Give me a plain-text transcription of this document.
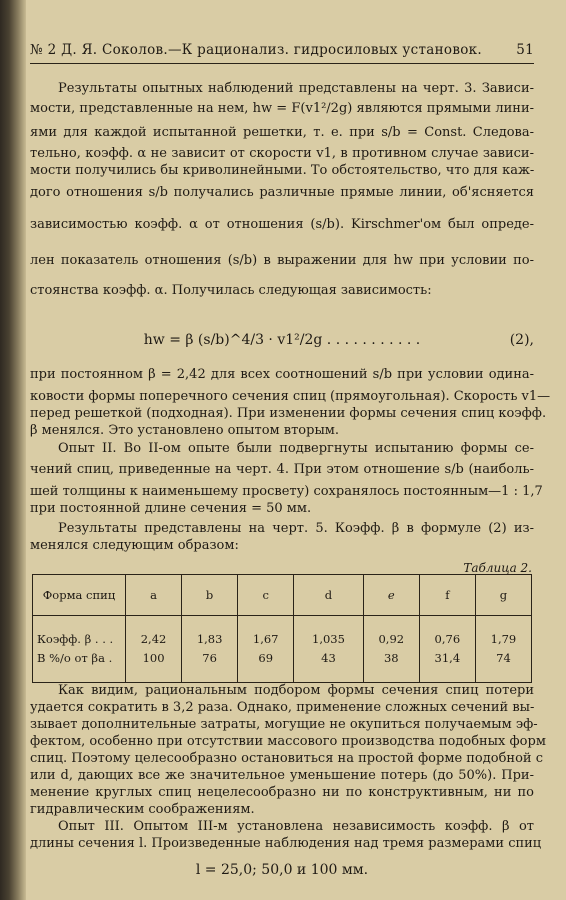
№ 2 Д. Я. Соколов.—К рационализ. гидросиловых установок.	51
Результаты опытных наблюдений представлены на черт. 3. Зависи-
мости, представленные на нем, hw = F(v1²/2g) являются прямыми лини-
ями для каждой испытанной решетки, т. е. при s/b = Const. Следова-
тельно, коэфф. α не зависит от скорости v1, в противном случае зависи-
мости получились бы криволинейными. То обстоятельство, что для каж-
дого отношения s/b получались различные прямые линии, об'ясняется
зависимостью коэфф. α от отношения (s/b). Kirschmer'ом был опреде-
лен показатель отношения (s/b) в выражении для hw при условии по-
стоянства коэфф. α. Получилась следующая зависимость:
hw = β (s/b)^4/3 · v1²/2g . . . . . . . . . . .	(2),
при постоянном β = 2,42 для всех соотношений s/b при условии одина-
ковости формы поперечного сечения спиц (прямоугольная). Скорость v1—
перед решеткой (подходная). При изменении формы сечения спиц коэфф.
β менялся. Это установлено опытом вторым.
Опыт II. Во II-ом опыте были подвергнуты испытанию формы се-
чений спиц, приведенные на черт. 4. При этом отношение s/b (наиболь-
шей толщины к наименьшему просвету) сохранялось постоянным—1 : 1,7
при постоянной длине сечения = 50 мм.
Результаты представлены на черт. 5. Коэфф. β в формуле (2) из-
менялся следующим образом:
Таблица 2.
Форма спиц	a	b	c	d	e	f	g
Коэфф. β . . .	2,42	1,83	1,67	1,035	0,92	0,76	1,79
В %/о от βa .	100	76	69	43	38	31,4	74
Как видим, рациональным подбором формы сечения спиц потери
удается сократить в 3,2 раза. Однако, применение сложных сечений вы-
зывает дополнительные затраты, могущие не окупиться получаемым эф-
фектом, особенно при отсутствии массового производства подобных форм
спиц. Поэтому целесообразно остановиться на простой форме подобной c
или d, дающих все же значительное уменьшение потерь (до 50%). При-
менение круглых спиц нецелесообразно ни по конструктивным, ни по
гидравлическим соображениям.
Опыт III. Опытом III-м установлена независимость коэфф. β от
длины сечения l. Произведенные наблюдения над тремя размерами спиц
l = 25,0; 50,0 и 100 мм.
